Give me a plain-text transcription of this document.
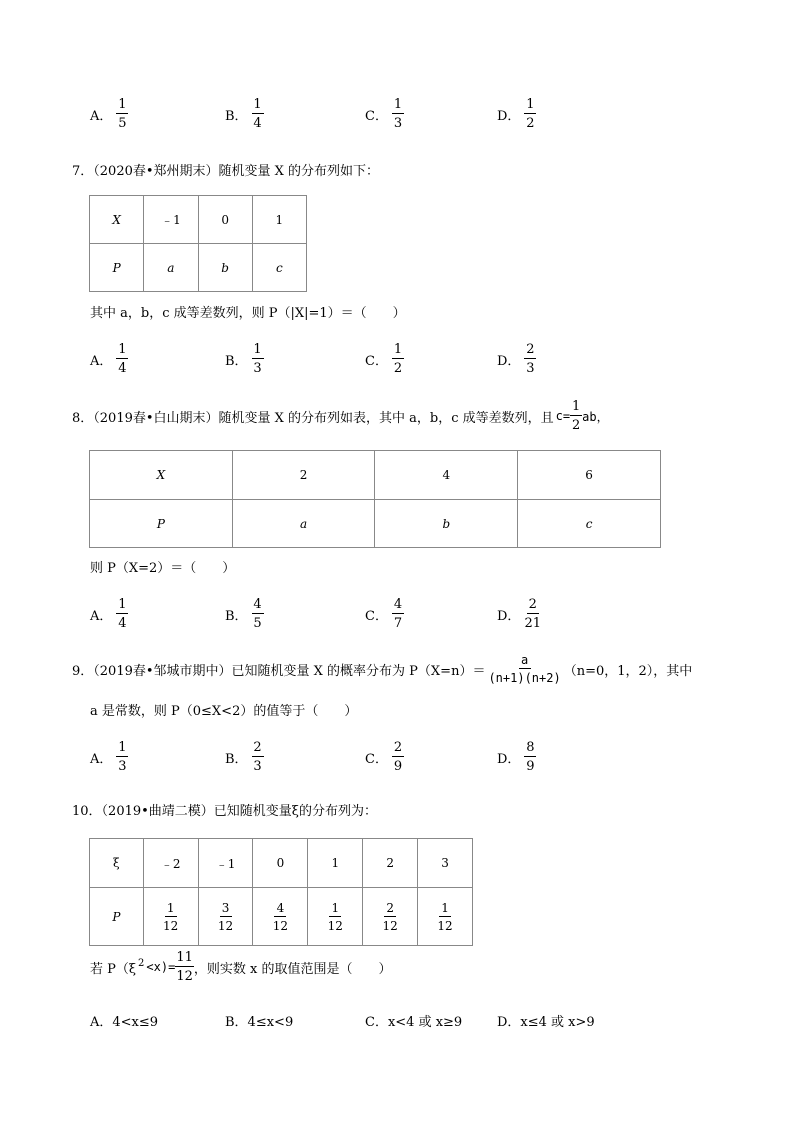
A． $\frac{1}{5}$	B． $\frac{1}{4}$	C． $\frac{1}{3}$	D． $\frac{1}{2}$
7．（2020春•郑州期末）随机变量 X 的分布列如下：
X	﹣1	0	1
P	a	b	c
其中 a，b，c 成等差数列，则 P（|X|=1）＝（　　）
A． $\frac{1}{4}$	B． $\frac{1}{3}$	C． $\frac{1}{2}$	D． $\frac{2}{3}$
8．（2019春•白山期末）随机变量 X 的分布列如表，其中 a，b，c 成等差数列，且 $c= \frac{1}{2}$ ab，
X	2	4	6
P	a	b	c
则 P（X=2）＝（　　）
A． $\frac{1}{4}$	B． $\frac{4}{5}$	C． $\frac{4}{7}$	D． $\frac{2}{21}$
9．（2019春•邹城市期中）已知随机变量 X 的概率分布为 $P(X=n)= \frac{a}{(n+1)(n+2)} (n=0$，1，2），其中
a 是常数，则 P（0≤X<2）的值等于（　　）
A． $\frac{1}{3}$	B． $\frac{2}{3}$	C． $\frac{2}{9}$	D． $\frac{8}{9}$
10．（2019•曲靖二模）已知随机变量ξ的分布列为：
ξ	﹣2	﹣1	0	1	2	3
P	$\frac{1}{12}$	$\frac{3}{12}$	$\frac{4}{12}$	$\frac{1}{12}$	$\frac{2}{12}$	$\frac{1}{12}$
若 $P(\xi^2 <x)= \frac{11}{12}$ ，则实数 x 的取值范围是（　　）
A．4<x≤9	B．4≤x<9	C．x<4 或 x≥9	D．x≤4 或 x>9
